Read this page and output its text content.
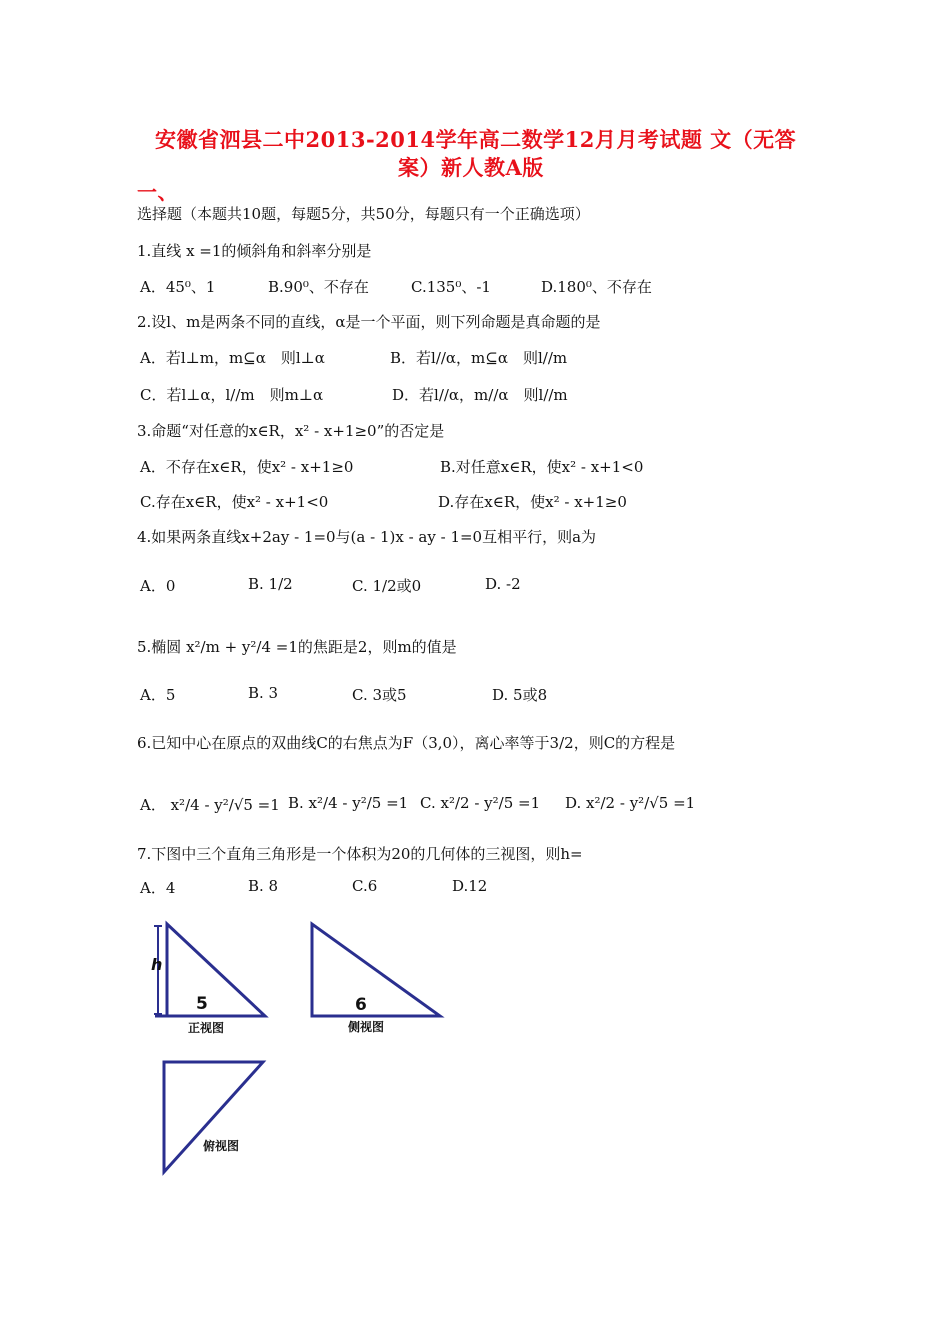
安徽省泗县二中2013-2014学年高二数学12月月考试题 文（无答
案）新人教A版
一、
选择题（本题共10题，每题5分，共50分，每题只有一个正确选项）
1.直线 x =1的倾斜角和斜率分别是
A．45⁰、1	B.90⁰、不存在	C.135⁰、-1	D.180⁰、不存在
2.设l、m是两条不同的直线，α是一个平面，则下列命题是真命题的是
A．若l⊥m，m⊆α　则l⊥α	B．若l//α，m⊆α　则l//m
C．若l⊥α，l//m　则m⊥α	D．若l//α，m//α　则l//m
3.命题“对任意的x∈R，x² - x+1≥0”的否定是
A．不存在x∈R，使x² - x+1≥0	B.对任意x∈R，使x² - x+1<0
C.存在x∈R，使x² - x+1<0	D.存在x∈R，使x² - x+1≥0
4.如果两条直线x+2ay - 1=0与(a - 1)x - ay - 1=0互相平行，则a为
A．0	B. 1/2	C. 1/2或0	D. -2
5.椭圆 x²/m + y²/4 =1的焦距是2，则m的值是
A．5	B. 3	C. 3或5	D. 5或8
6.已知中心在原点的双曲线C的右焦点为F（3,0），离心率等于3/2，则C的方程是
A． x²/4 - y²/√5 =1 B. x²/4 - y²/5 =1 C. x²/2 - y²/5 =1 D. x²/2 - y²/√5 =1
7.下图中三个直角三角形是一个体积为20的几何体的三视图，则h=
A．4	B. 8	C.6	D.12
h
5
正视图
6
侧视图
俯视图
